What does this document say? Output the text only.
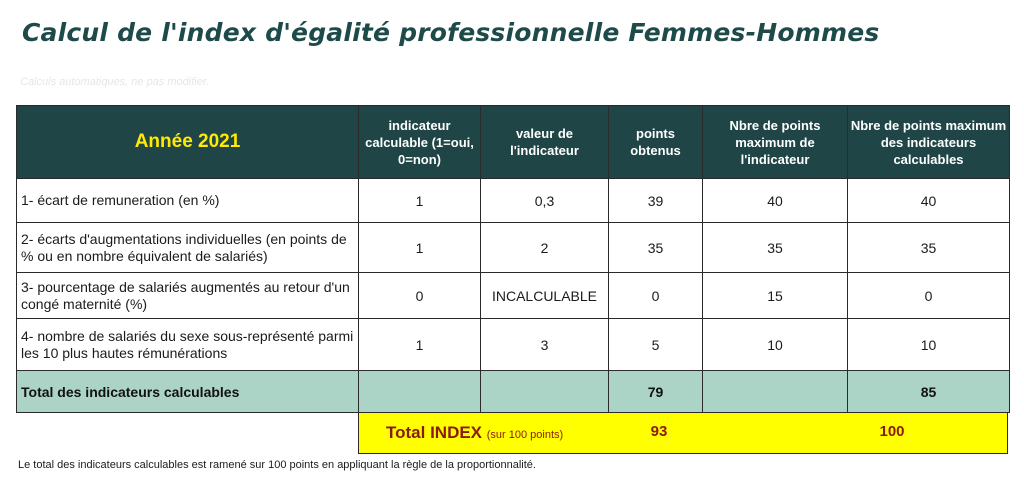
Calcul de l'index d'égalité professionnelle Femmes-Hommes
Calculs automatiques, ne pas modifier.
Année 2021	indicateur calculable (1=oui, 0=non)	valeur de l'indicateur	points obtenus	Nbre de points maximum de l'indicateur	Nbre de points maximum des indicateurs calculables
1- écart de remuneration (en %)	1	0,3	39	40	40
2- écarts d'augmentations individuelles (en points de % ou en nombre équivalent de salariés)	1	2	35	35	35
3- pourcentage de salariés augmentés au retour d'un congé maternité (%)	0	INCALCULABLE	0	15	0
4- nombre de salariés du sexe sous-représenté parmi les 10 plus hautes rémunérations	1	3	5	10	10
Total des indicateurs calculables			79		85
Total INDEX (sur 100 points)	93	100
Le total des indicateurs calculables est ramené sur 100 points en appliquant la règle de la proportionnalité.
